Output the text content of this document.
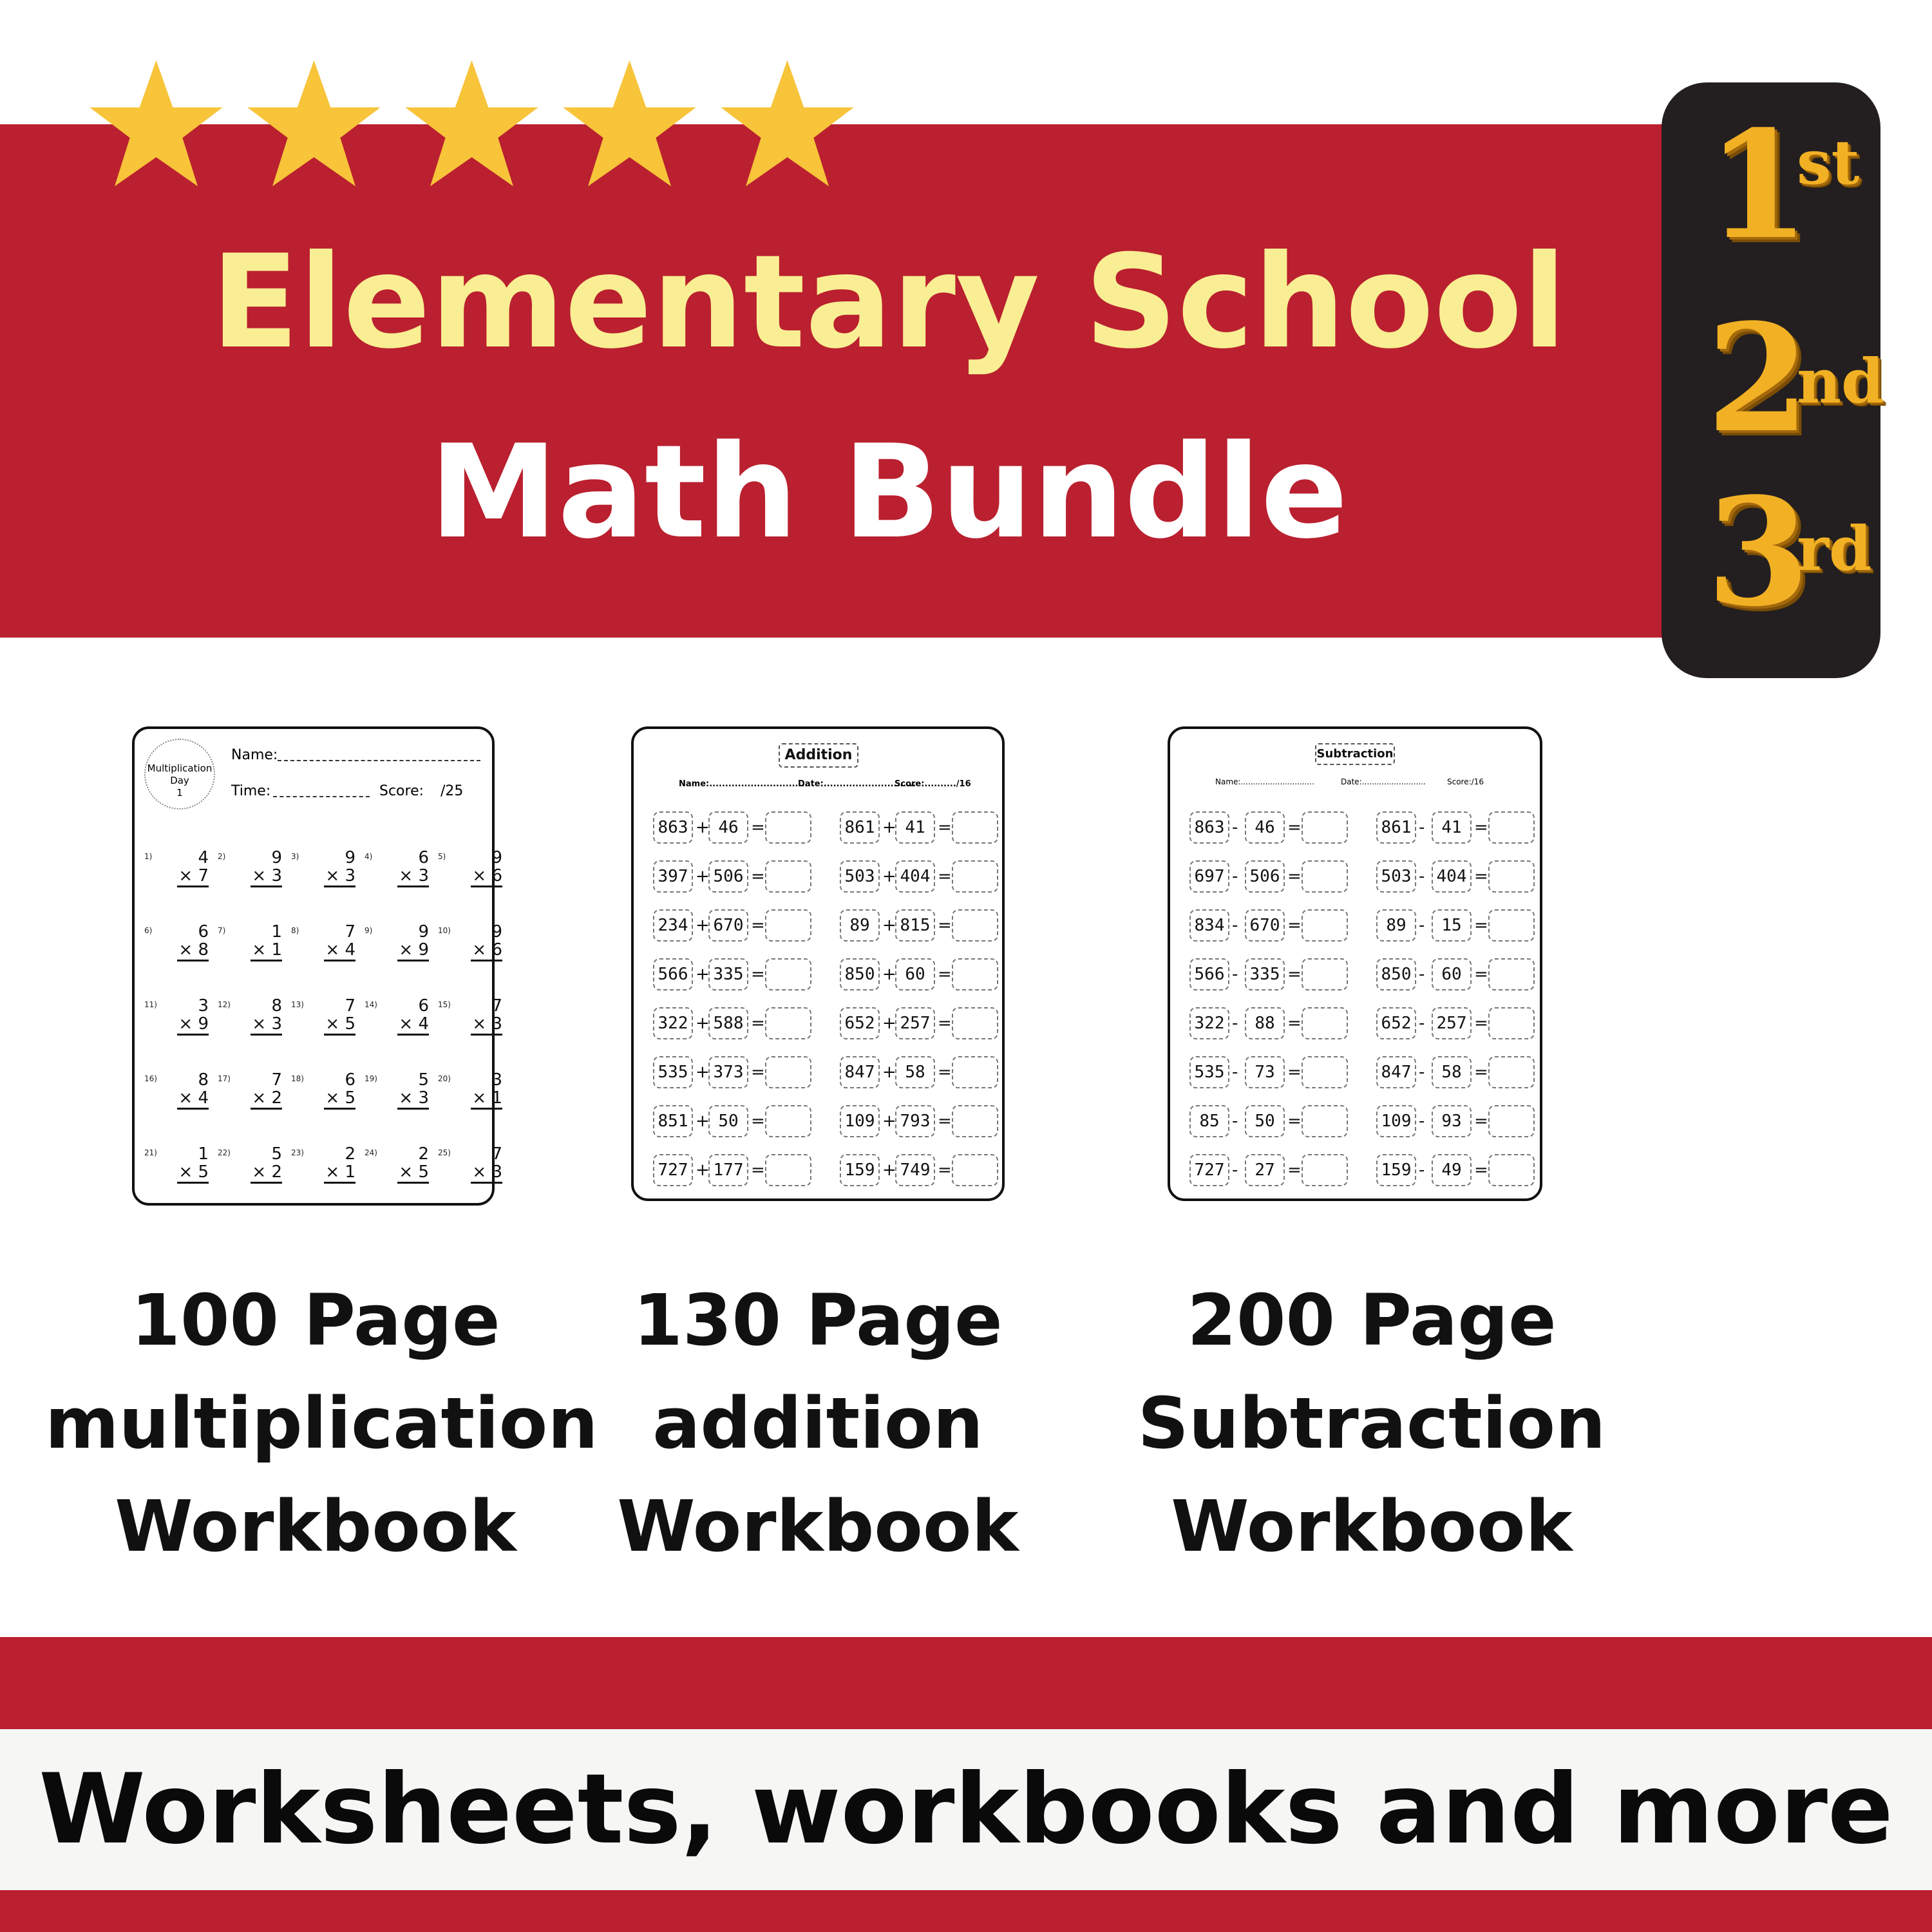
Elementary School
Math Bundle
1
st
2
nd
3
rd
Multiplication
Day
1
Name:
Time:	Score: /25
1)	4
× 7
2)	9
× 3
3)	9
× 3
4)	6
× 3
5)	9
× 6
6)	6
× 8
7)	1
× 1
8)	7
× 4
9)	9
× 9
10) 9
× 6
11) 3
× 9
12) 8
× 3
13) 7
× 5
14) 6
× 4
15) 7
× 3
16) 8
× 4
17) 7
× 2
18) 6
× 5
19) 5
× 3
20) 3
× 1
21) 1
× 5
22) 5
× 2
23) 2
× 1
24) 2
× 5
25) 7
× 3
Addition
Name:.................................
Date:.............................
Score:........../16
863 + 46 =
397 + 506 =
234 + 670 =
566 + 335 =
322 + 588 =
535 + 373 =
851 + 50 =
727 + 177 =
861 + 41 =
503 + 404 =
89 + 815 =
850 + 60 =
652 + 257 =
847 + 58 =
109 + 793 =
159 + 749 =
Subtraction
Name:..............................	Date:..........................	Score:/16
863 - 46 =
697 - 506 =
834 - 670 =
566 - 335 =
322 - 88 =
535 - 73 =
85 - 50 =
727 - 27 =
861 - 41 =
503 - 404 =
89 - 15 =
850 - 60 =
652 - 257 =
847 - 58 =
109 - 93 =
159 - 49 =
100 Page
multiplication
Workbook
130 Page
addition
Workbook
200 Page
Subtraction
Workbook
Worksheets, workbooks and more
